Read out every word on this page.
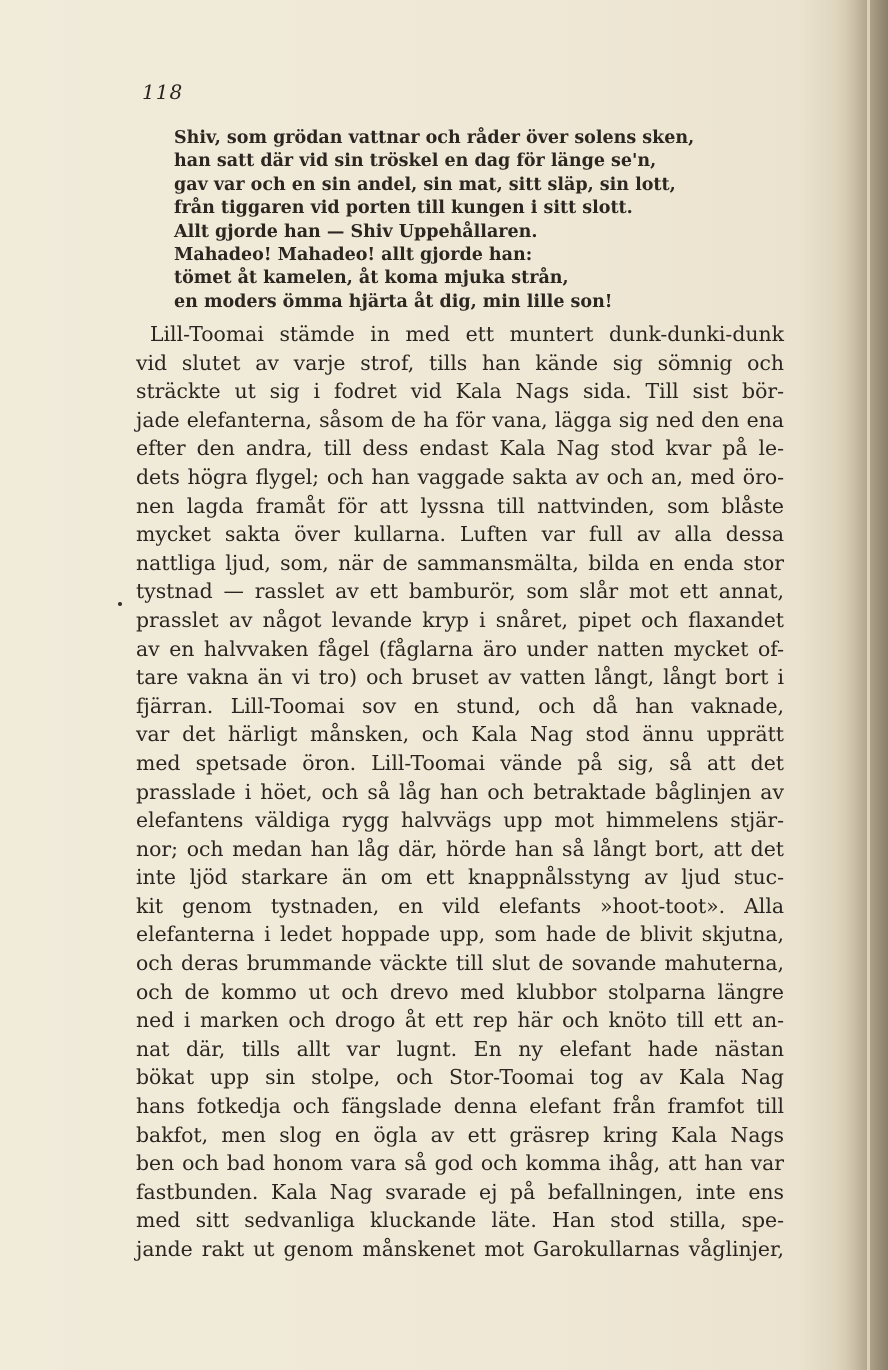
118
Shiv, som grödan vattnar och råder över solens sken,
han satt där vid sin tröskel en dag för länge se'n,
gav var och en sin andel, sin mat, sitt släp, sin lott,
från tiggaren vid porten till kungen i sitt slott.
Allt gjorde han — Shiv Uppehållaren.
Mahadeo! Mahadeo! allt gjorde han:
tömet åt kamelen, åt koma mjuka strån,
en moders ömma hjärta åt dig, min lille son!
Lill-Toomai stämde in med ett muntert dunk-dunki-dunk
vid slutet av varje strof, tills han kände sig sömnig och
sträckte ut sig i fodret vid Kala Nags sida. Till sist bör-
jade elefanterna, såsom de ha för vana, lägga sig ned den ena
efter den andra, till dess endast Kala Nag stod kvar på le-
dets högra flygel; och han vaggade sakta av och an, med öro-
nen lagda framåt för att lyssna till nattvinden, som blåste
mycket sakta över kullarna. Luften var full av alla dessa
nattliga ljud, som, när de sammansmälta, bilda en enda stor
tystnad — rasslet av ett bamburör, som slår mot ett annat,
prasslet av något levande kryp i snåret, pipet och flaxandet
av en halvvaken fågel (fåglarna äro under natten mycket of-
tare vakna än vi tro) och bruset av vatten långt, långt bort i
fjärran. Lill-Toomai sov en stund, och då han vaknade,
var det härligt månsken, och Kala Nag stod ännu upprätt
med spetsade öron. Lill-Toomai vände på sig, så att det
prasslade i höet, och så låg han och betraktade båglinjen av
elefantens väldiga rygg halvvägs upp mot himmelens stjär-
nor; och medan han låg där, hörde han så långt bort, att det
inte ljöd starkare än om ett knappnålsstyng av ljud stuc-
kit genom tystnaden, en vild elefants »hoot-toot». Alla
elefanterna i ledet hoppade upp, som hade de blivit skjutna,
och deras brummande väckte till slut de sovande mahuterna,
och de kommo ut och drevo med klubbor stolparna längre
ned i marken och drogo åt ett rep här och knöto till ett an-
nat där, tills allt var lugnt. En ny elefant hade nästan
bökat upp sin stolpe, och Stor-Toomai tog av Kala Nag
hans fotkedja och fängslade denna elefant från framfot till
bakfot, men slog en ögla av ett gräsrep kring Kala Nags
ben och bad honom vara så god och komma ihåg, att han var
fastbunden. Kala Nag svarade ej på befallningen, inte ens
med sitt sedvanliga kluckande läte. Han stod stilla, spe-
jande rakt ut genom månskenet mot Garokullarnas våglinjer,
